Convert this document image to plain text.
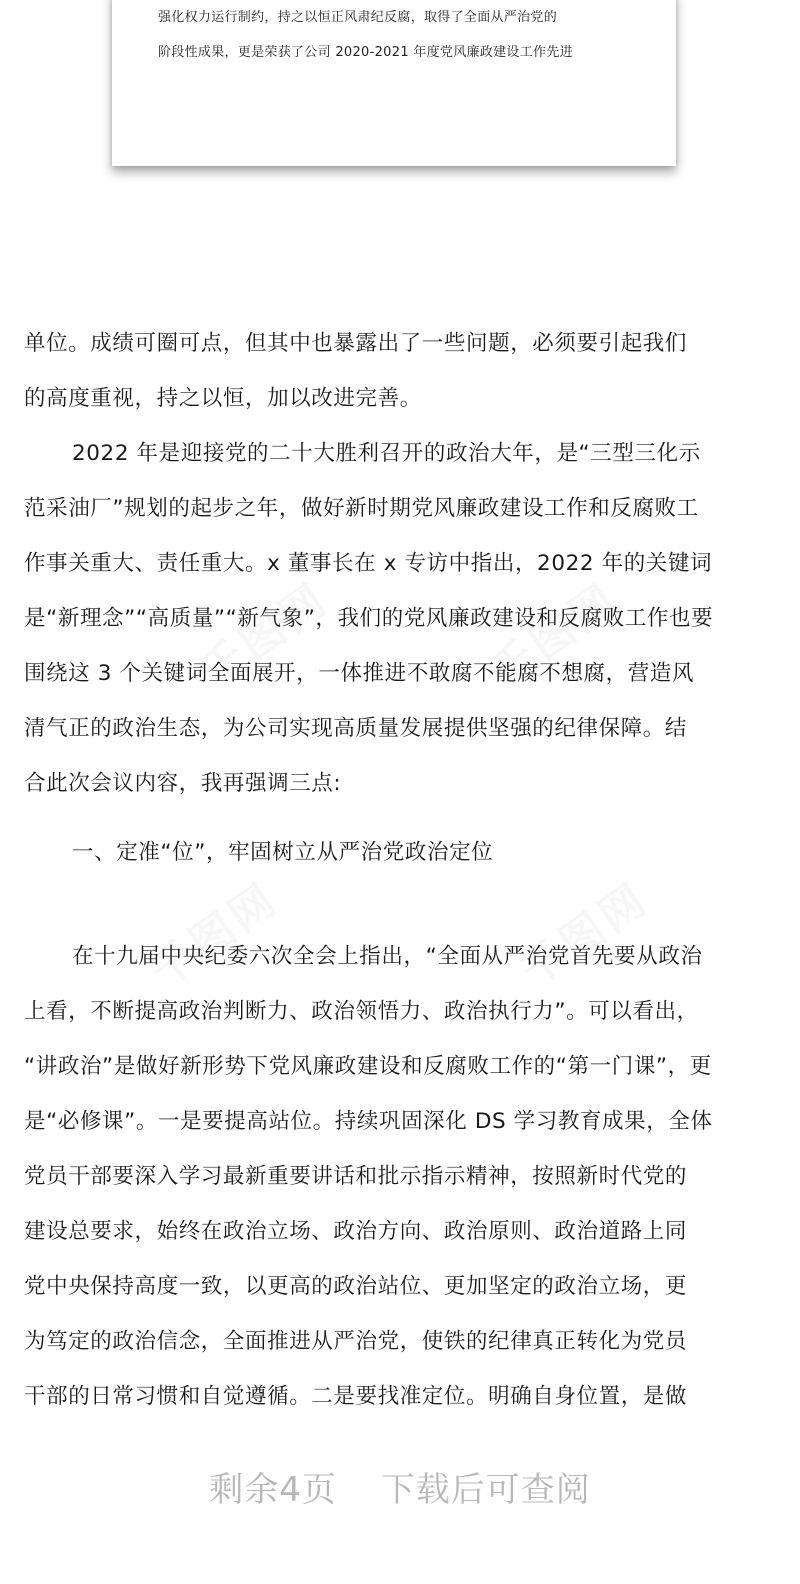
强化权力运行制约，持之以恒正风肃纪反腐，取得了全面从严治党的
阶段性成果，更是荣获了公司 2020-2021 年度党风廉政建设工作先进
单位。成绩可圈可点，但其中也暴露出了一些问题，必须要引起我们
的高度重视，持之以恒，加以改进完善。
2022 年是迎接党的二十大胜利召开的政治大年，是“三型三化示
范采油厂”规划的起步之年，做好新时期党风廉政建设工作和反腐败工
作事关重大、责任重大。x 董事长在 x 专访中指出，2022 年的关键词
是“新理念”“高质量”“新气象”，我们的党风廉政建设和反腐败工作也要
围绕这 3 个关键词全面展开，一体推进不敢腐不能腐不想腐，营造风
清气正的政治生态，为公司实现高质量发展提供坚强的纪律保障。结
合此次会议内容，我再强调三点:
一、定准“位”，牢固树立从严治党政治定位
在十九届中央纪委六次全会上指出，“全面从严治党首先要从政治
上看，不断提高政治判断力、政治领悟力、政治执行力”。可以看出，
“讲政治”是做好新形势下党风廉政建设和反腐败工作的“第一门课”，更
是“必修课”。一是要提高站位。持续巩固深化 DS 学习教育成果，全体
党员干部要深入学习最新重要讲话和批示指示精神，按照新时代党的
建设总要求，始终在政治立场、政治方向、政治原则、政治道路上同
党中央保持高度一致，以更高的政治站位、更加坚定的政治立场，更
为笃定的政治信念，全面推进从严治党，使铁的纪律真正转化为党员
干部的日常习惯和自觉遵循。二是要找准定位。明确自身位置，是做
剩余4页 下载后可查阅
